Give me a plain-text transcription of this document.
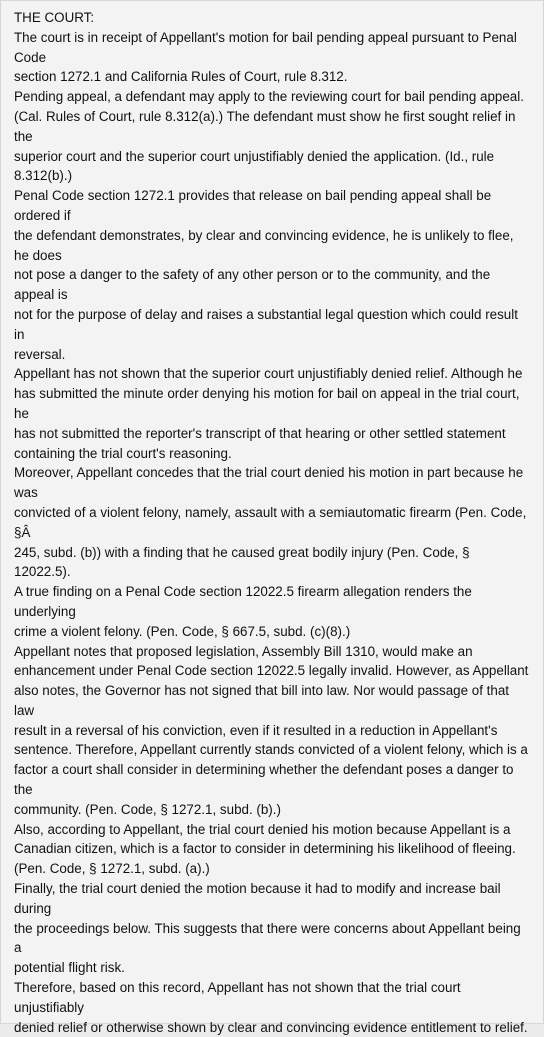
THE COURT:
The court is in receipt of Appellant's motion for bail pending appeal pursuant to Penal
Code
section 1272.1 and California Rules of Court, rule 8.312.
Pending appeal, a defendant may apply to the reviewing court for bail pending appeal.
(Cal. Rules of Court, rule 8.312(a).) The defendant must show he first sought relief in
the
superior court and the superior court unjustifiably denied the application. (Id., rule
8.312(b).)
Penal Code section 1272.1 provides that release on bail pending appeal shall be
ordered if
the defendant demonstrates, by clear and convincing evidence, he is unlikely to flee,
he does
not pose a danger to the safety of any other person or to the community, and the
appeal is
not for the purpose of delay and raises a substantial legal question which could result
in
reversal.
Appellant has not shown that the superior court unjustifiably denied relief. Although he
has submitted the minute order denying his motion for bail on appeal in the trial court,
he
has not submitted the reporter's transcript of that hearing or other settled statement
containing the trial court's reasoning.
Moreover, Appellant concedes that the trial court denied his motion in part because he
was
convicted of a violent felony, namely, assault with a semiautomatic firearm (Pen. Code,
§Â
245, subd. (b)) with a finding that he caused great bodily injury (Pen. Code, §
12022.5).
A true finding on a Penal Code section 12022.5 firearm allegation renders the
underlying
crime a violent felony. (Pen. Code, § 667.5, subd. (c)(8).)
Appellant notes that proposed legislation, Assembly Bill 1310, would make an
enhancement under Penal Code section 12022.5 legally invalid. However, as Appellant
also notes, the Governor has not signed that bill into law. Nor would passage of that
law
result in a reversal of his conviction, even if it resulted in a reduction in Appellant's
sentence. Therefore, Appellant currently stands convicted of a violent felony, which is a
factor a court shall consider in determining whether the defendant poses a danger to
the
community. (Pen. Code, § 1272.1, subd. (b).)
Also, according to Appellant, the trial court denied his motion because Appellant is a
Canadian citizen, which is a factor to consider in determining his likelihood of fleeing.
(Pen. Code, § 1272.1, subd. (a).)
Finally, the trial court denied the motion because it had to modify and increase bail
during
the proceedings below. This suggests that there were concerns about Appellant being
a
potential flight risk.
Therefore, based on this record, Appellant has not shown that the trial court
unjustifiably
denied relief or otherwise shown by clear and convincing evidence entitlement to relief.
